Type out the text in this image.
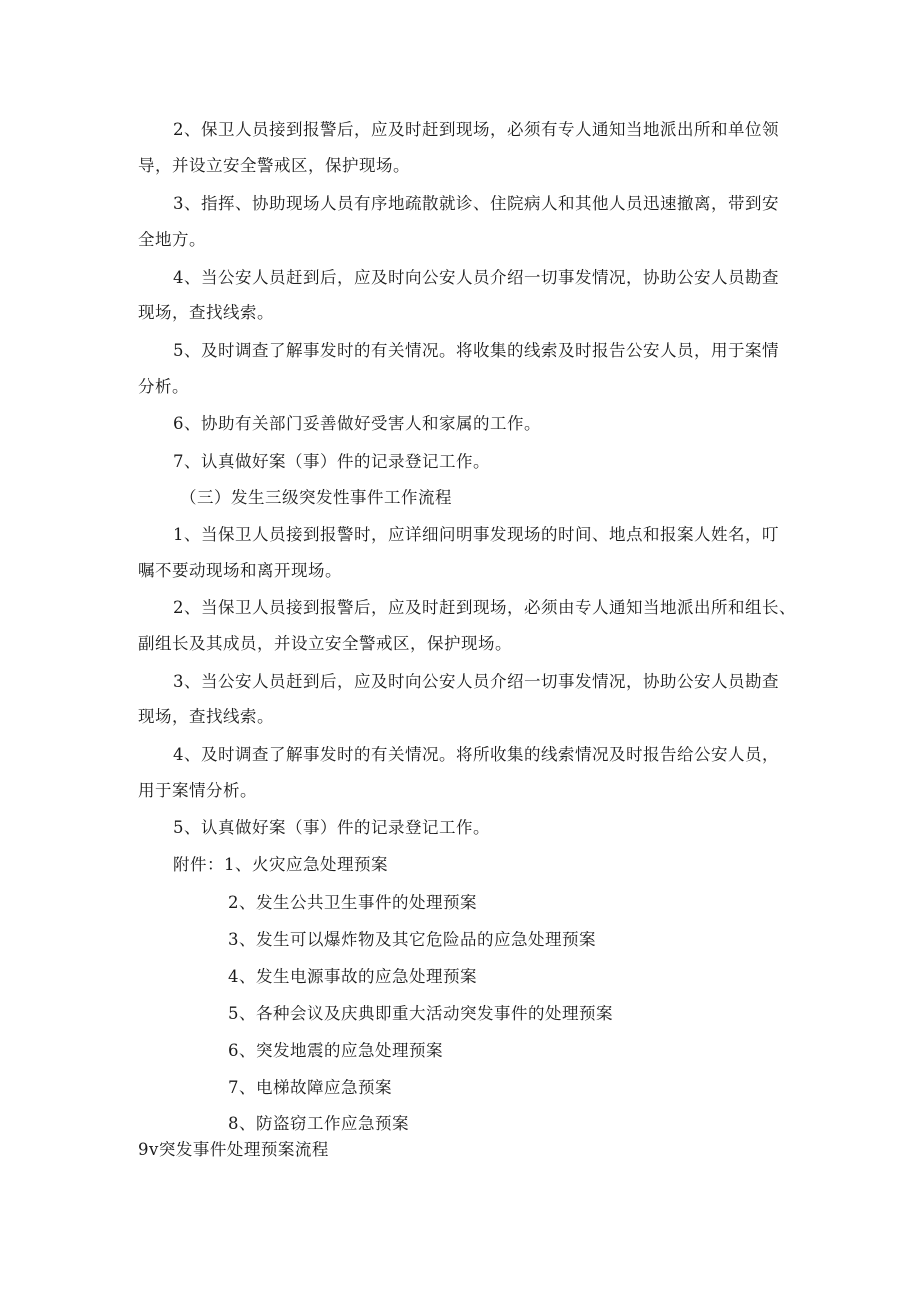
2、保卫人员接到报警后，应及时赶到现场，必须有专人通知当地派出所和单位领
导，并设立安全警戒区，保护现场。
3、指挥、协助现场人员有序地疏散就诊、住院病人和其他人员迅速撤离，带到安
全地方。
4、当公安人员赶到后，应及时向公安人员介绍一切事发情况，协助公安人员勘查
现场，查找线索。
5、及时调查了解事发时的有关情况。将收集的线索及时报告公安人员，用于案情
分析。
6、协助有关部门妥善做好受害人和家属的工作。
7、认真做好案（事）件的记录登记工作。
（三）发生三级突发性事件工作流程
1、当保卫人员接到报警时，应详细问明事发现场的时间、地点和报案人姓名，叮
嘱不要动现场和离开现场。
2、当保卫人员接到报警后，应及时赶到现场，必须由专人通知当地派出所和组长、
副组长及其成员，并设立安全警戒区，保护现场。
3、当公安人员赶到后，应及时向公安人员介绍一切事发情况，协助公安人员勘查
现场，查找线索。
4、及时调查了解事发时的有关情况。将所收集的线索情况及时报告给公安人员，
用于案情分析。
5、认真做好案（事）件的记录登记工作。
附件：1、火灾应急处理预案
2、发生公共卫生事件的处理预案
3、发生可以爆炸物及其它危险品的应急处理预案
4、发生电源事故的应急处理预案
5、各种会议及庆典即重大活动突发事件的处理预案
6、突发地震的应急处理预案
7、电梯故障应急预案
8、防盗窃工作应急预案
9v突发事件处理预案流程
